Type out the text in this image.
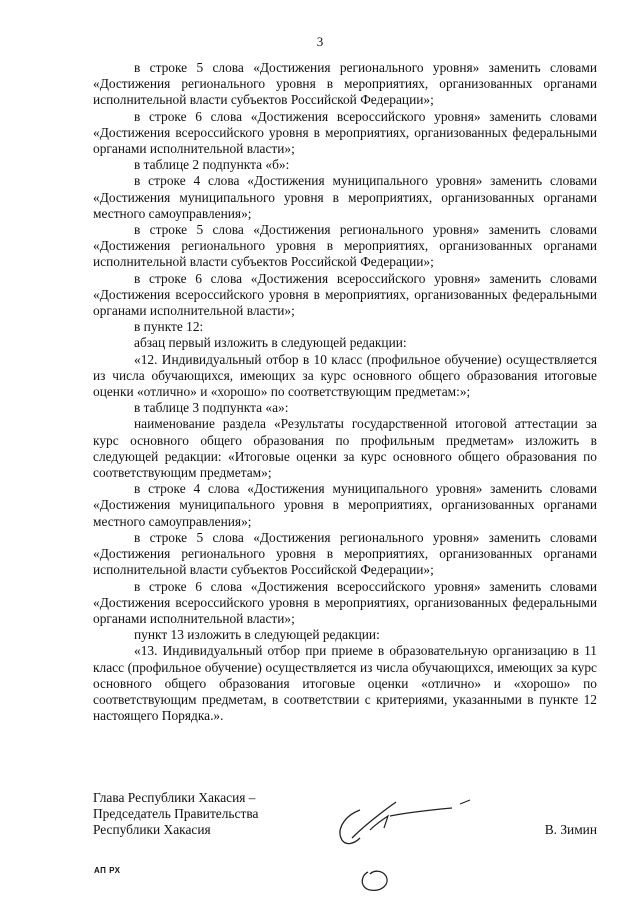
3

в строке 5 слова «Достижения регионального уровня» заменить словами «Достижения регионального уровня в мероприятиях, организованных органами исполнительной власти субъектов Российской Федерации»;

в строке 6 слова «Достижения всероссийского уровня» заменить словами «Достижения всероссийского уровня в мероприятиях, организованных федеральными органами исполнительной власти»;

в таблице 2 подпункта «б»:

в строке 4 слова «Достижения муниципального уровня» заменить словами «Достижения муниципального уровня в мероприятиях, организованных органами местного самоуправления»;

в строке 5 слова «Достижения регионального уровня» заменить словами «Достижения регионального уровня в мероприятиях, организованных органами исполнительной власти субъектов Российской Федерации»;

в строке 6 слова «Достижения всероссийского уровня» заменить словами «Достижения всероссийского уровня в мероприятиях, организованных федеральными органами исполнительной власти»;

в пункте 12:

абзац первый изложить в следующей редакции:

«12. Индивидуальный отбор в 10 класс (профильное обучение) осуществляется из числа обучающихся, имеющих за курс основного общего образования итоговые оценки «отлично» и «хорошо» по соответствующим предметам:»;

в таблице 3 подпункта «а»:

наименование раздела «Результаты государственной итоговой аттестации за курс основного общего образования по профильным предметам» изложить в следующей редакции: «Итоговые оценки за курс основного общего образования по соответствующим предметам»;

в строке 4 слова «Достижения муниципального уровня» заменить словами «Достижения муниципального уровня в мероприятиях, организованных органами местного самоуправления»;

в строке 5 слова «Достижения регионального уровня» заменить словами «Достижения регионального уровня в мероприятиях, организованных органами исполнительной власти субъектов Российской Федерации»;

в строке 6 слова «Достижения всероссийского уровня» заменить словами «Достижения всероссийского уровня в мероприятиях, организованных федеральными органами исполнительной власти»;

пункт 13 изложить в следующей редакции:

«13. Индивидуальный отбор при приеме в образовательную организацию в 11 класс (профильное обучение) осуществляется из числа обучающихся, имеющих за курс основного общего образования итоговые оценки «отлично» и «хорошо» по соответствующим предметам, в соответствии с критериями, указанными в пункте 12 настоящего Порядка.».

Глава Республики Хакасия –
Председатель Правительства
Республики Хакасия	В. Зимин
АП РХ
